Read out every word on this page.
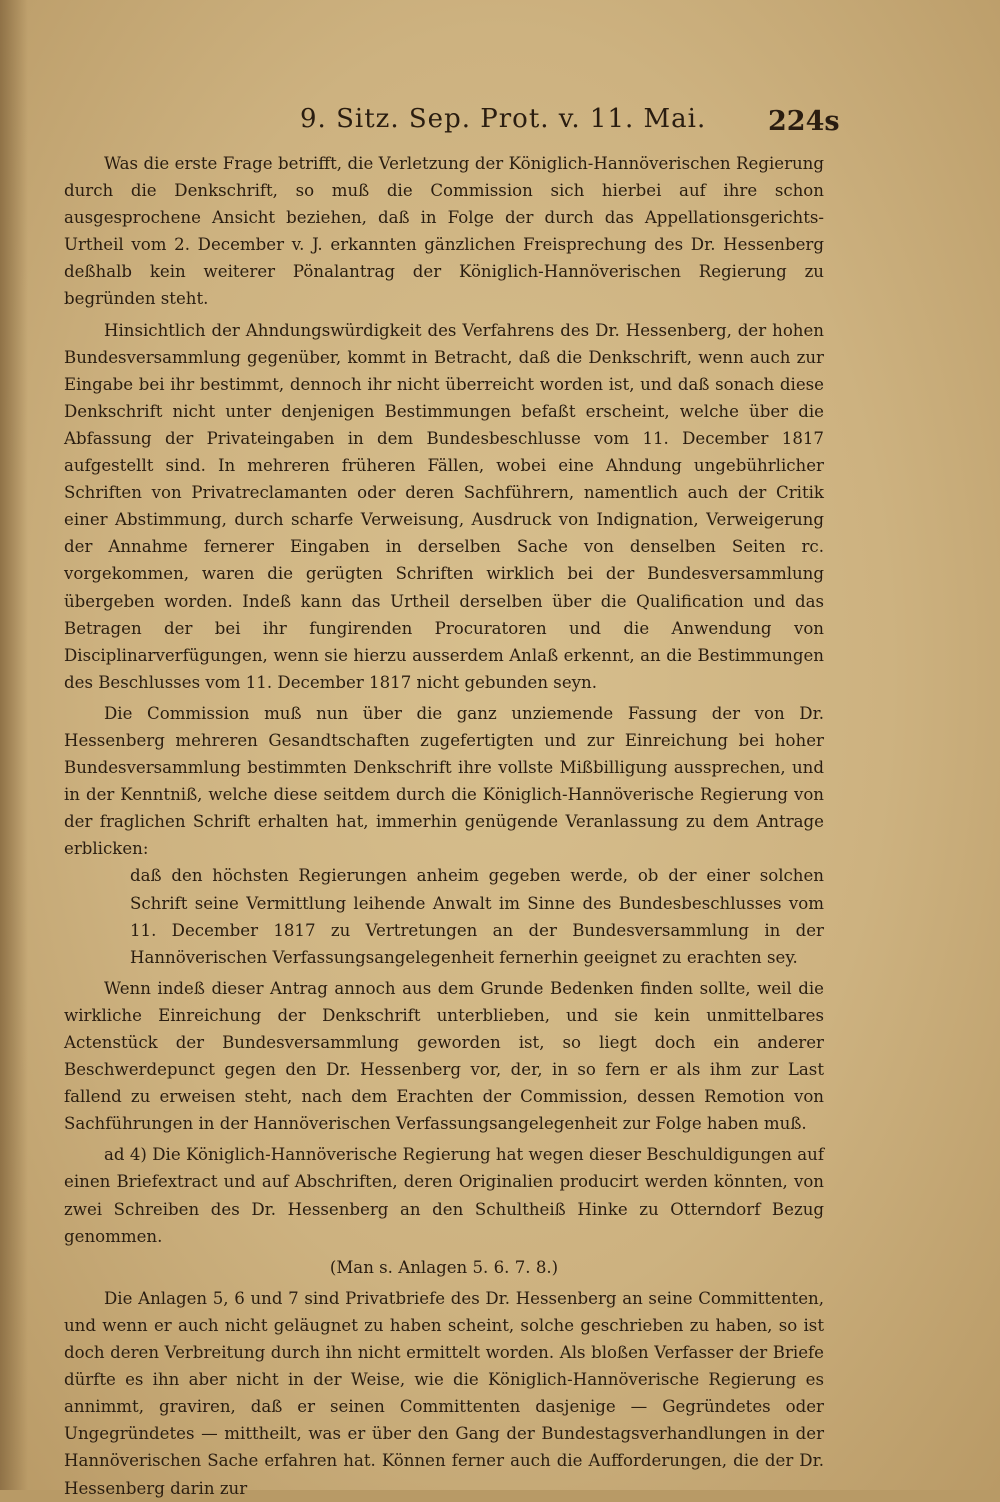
9. Sitz. Sep. Prot. v. 11. Mai. 224s

Was die erste Frage betrifft, die Verletzung der Königlich-Hannöverischen Regierung durch die Denkschrift, so muß die Commission sich hierbei auf ihre schon ausgesprochene Ansicht beziehen, daß in Folge der durch das Appellationsgerichts-Urtheil vom 2. December v. J. erkannten gänzlichen Freisprechung des Dr. Hessenberg deßhalb kein weiterer Pönalantrag der Königlich-Hannöverischen Regierung zu begründen steht.

Hinsichtlich der Ahndungswürdigkeit des Verfahrens des Dr. Hessenberg, der hohen Bundesversammlung gegenüber, kommt in Betracht, daß die Denkschrift, wenn auch zur Eingabe bei ihr bestimmt, dennoch ihr nicht überreicht worden ist, und daß sonach diese Denkschrift nicht unter denjenigen Bestimmungen befaßt erscheint, welche über die Abfassung der Privateingaben in dem Bundesbeschlusse vom 11. December 1817 aufgestellt sind. In mehreren früheren Fällen, wobei eine Ahndung ungebührlicher Schriften von Privatreclamanten oder deren Sachführern, namentlich auch der Critik einer Abstimmung, durch scharfe Verweisung, Ausdruck von Indignation, Verweigerung der Annahme fernerer Eingaben in derselben Sache von denselben Seiten rc. vorgekommen, waren die gerügten Schriften wirklich bei der Bundesversammlung übergeben worden. Indeß kann das Urtheil derselben über die Qualification und das Betragen der bei ihr fungirenden Procuratoren und die Anwendung von Disciplinarverfügungen, wenn sie hierzu ausserdem Anlaß erkennt, an die Bestimmungen des Beschlusses vom 11. December 1817 nicht gebunden seyn.

Die Commission muß nun über die ganz unziemende Fassung der von Dr. Hessenberg mehreren Gesandtschaften zugefertigten und zur Einreichung bei hoher Bundesversammlung bestimmten Denkschrift ihre vollste Mißbilligung aussprechen, und in der Kenntniß, welche diese seitdem durch die Königlich-Hannöverische Regierung von der fraglichen Schrift erhalten hat, immerhin genügende Veranlassung zu dem Antrage erblicken:

daß den höchsten Regierungen anheim gegeben werde, ob der einer solchen Schrift seine Vermittlung leihende Anwalt im Sinne des Bundesbeschlusses vom 11. December 1817 zu Vertretungen an der Bundesversammlung in der Hannöverischen Verfassungsangelegenheit fernerhin geeignet zu erachten sey.

Wenn indeß dieser Antrag annoch aus dem Grunde Bedenken finden sollte, weil die wirkliche Einreichung der Denkschrift unterblieben, und sie kein unmittelbares Actenstück der Bundesversammlung geworden ist, so liegt doch ein anderer Beschwerdepunct gegen den Dr. Hessenberg vor, der, in so fern er als ihm zur Last fallend zu erweisen steht, nach dem Erachten der Commission, dessen Remotion von Sachführungen in der Hannöverischen Verfassungsangelegenheit zur Folge haben muß.

ad 4) Die Königlich-Hannöverische Regierung hat wegen dieser Beschuldigungen auf einen Briefextract und auf Abschriften, deren Originalien producirt werden könnten, von zwei Schreiben des Dr. Hessenberg an den Schultheiß Hinke zu Otterndorf Bezug genommen.

(Man s. Anlagen 5. 6. 7. 8.)

Die Anlagen 5, 6 und 7 sind Privatbriefe des Dr. Hessenberg an seine Committenten, und wenn er auch nicht geläugnet zu haben scheint, solche geschrieben zu haben, so ist doch deren Verbreitung durch ihn nicht ermittelt worden. Als bloßen Verfasser der Briefe dürfte es ihn aber nicht in der Weise, wie die Königlich-Hannöverische Regierung es annimmt, graviren, daß er seinen Committenten dasjenige — Gegründetes oder Ungegründetes — mittheilt, was er über den Gang der Bundestagsverhandlungen in der Hannöverischen Sache erfahren hat. Können ferner auch die Aufforderungen, die der Dr. Hessenberg darin zur
